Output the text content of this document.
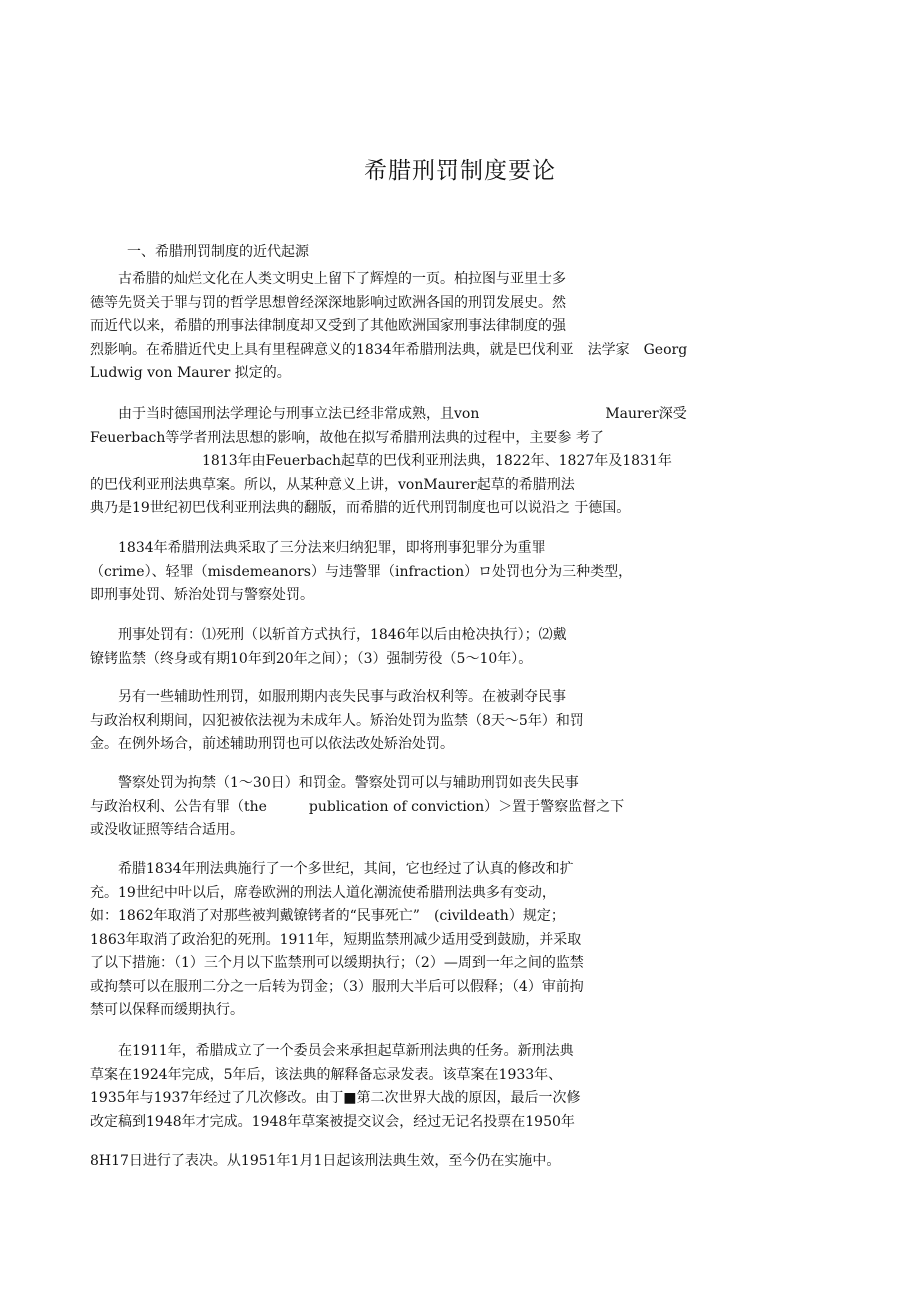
希腊刑罚制度要论
一、希腊刑罚制度的近代起源
　　古希腊的灿烂文化在人类文明史上留下了辉煌的一页。柏拉图与亚里士多
德等先贤关于罪与罚的哲学思想曾经深深地影响过欧洲各国的刑罚发展史。然
而近代以来，希腊的刑事法律制度却又受到了其他欧洲国家刑事法律制度的强
烈影响。在希腊近代史上具有里程碑意义的1834年希腊刑法典，就是巴伐利亚　法学家　Georg
Ludwig von Maurer 拟定的。
　　由于当时德国刑法学理论与刑事立法已经非常成熟，且von　　　　　　　　　Maurer深受
Feuerbach等学者刑法思想的影响，故他在拟写希腊刑法典的过程中，主要参 考了
　　　　　　　　1813年由Feuerbach起草的巴伐利亚刑法典，1822年、1827年及1831年
的巴伐利亚刑法典草案。所以，从某种意义上讲，vonMaurer起草的希腊刑法
典乃是19世纪初巴伐利亚刑法典的翻版，而希腊的近代刑罚制度也可以说沿之 于德国。
　　1834年希腊刑法典采取了三分法来归纳犯罪，即将刑事犯罪分为重罪
（crime）、轻罪（misdemeanors）与违警罪（infraction）ロ处罚也分为三种类型，
即刑事处罚、矫治处罚与警察处罚。
　　刑事处罚有：⑴死刑（以斩首方式执行，1846年以后由枪决执行）；⑵戴
镣铐监禁（终身或有期10年到20年之间）；（3）强制劳役（5～10年）。
　　另有一些辅助性刑罚，如服刑期内丧失民事与政治权利等。在被剥夺民事
与政治权利期间，囚犯被依法视为未成年人。矫治处罚为监禁（8天～5年）和罚
金。在例外场合，前述辅助刑罚也可以依法改处矫治处罚。
　　警察处罚为拘禁（1～30日）和罚金。警察处罚可以与辅助刑罚如丧失民事
与政治权利、公告有罪（the　　　publication of conviction）＞置于警察监督之下
或没收证照等结合适用。
　　希腊1834年刑法典施行了一个多世纪，其间，它也经过了认真的修改和扩
充。19世纪中叶以后，席卷欧洲的刑法人道化潮流使希腊刑法典多有变动，
如：1862年取消了对那些被判戴镣铐者的“民事死亡”　(civildeath）规定；
1863年取消了政治犯的死刑。1911年，短期监禁刑减少适用受到鼓励，并采取
了以下措施：（1）三个月以下监禁刑可以缓期执行；（2）—周到一年之间的监禁
或拘禁可以在服刑二分之一后转为罚金；（3）服刑大半后可以假释；（4）审前拘
禁可以保释而缓期执行。
　　在1911年，希腊成立了一个委员会来承担起草新刑法典的任务。新刑法典
草案在1924年完成，5年后，该法典的解释备忘录发表。该草案在1933年、
1935年与1937年经过了几次修改。由丁■第二次世界大战的原因，最后一次修
改定稿到1948年才完成。1948年草案被提交议会，经过无记名投票在1950年
8H17日进行了表决。从1951年1月1日起该刑法典生效，至今仍在实施中。
